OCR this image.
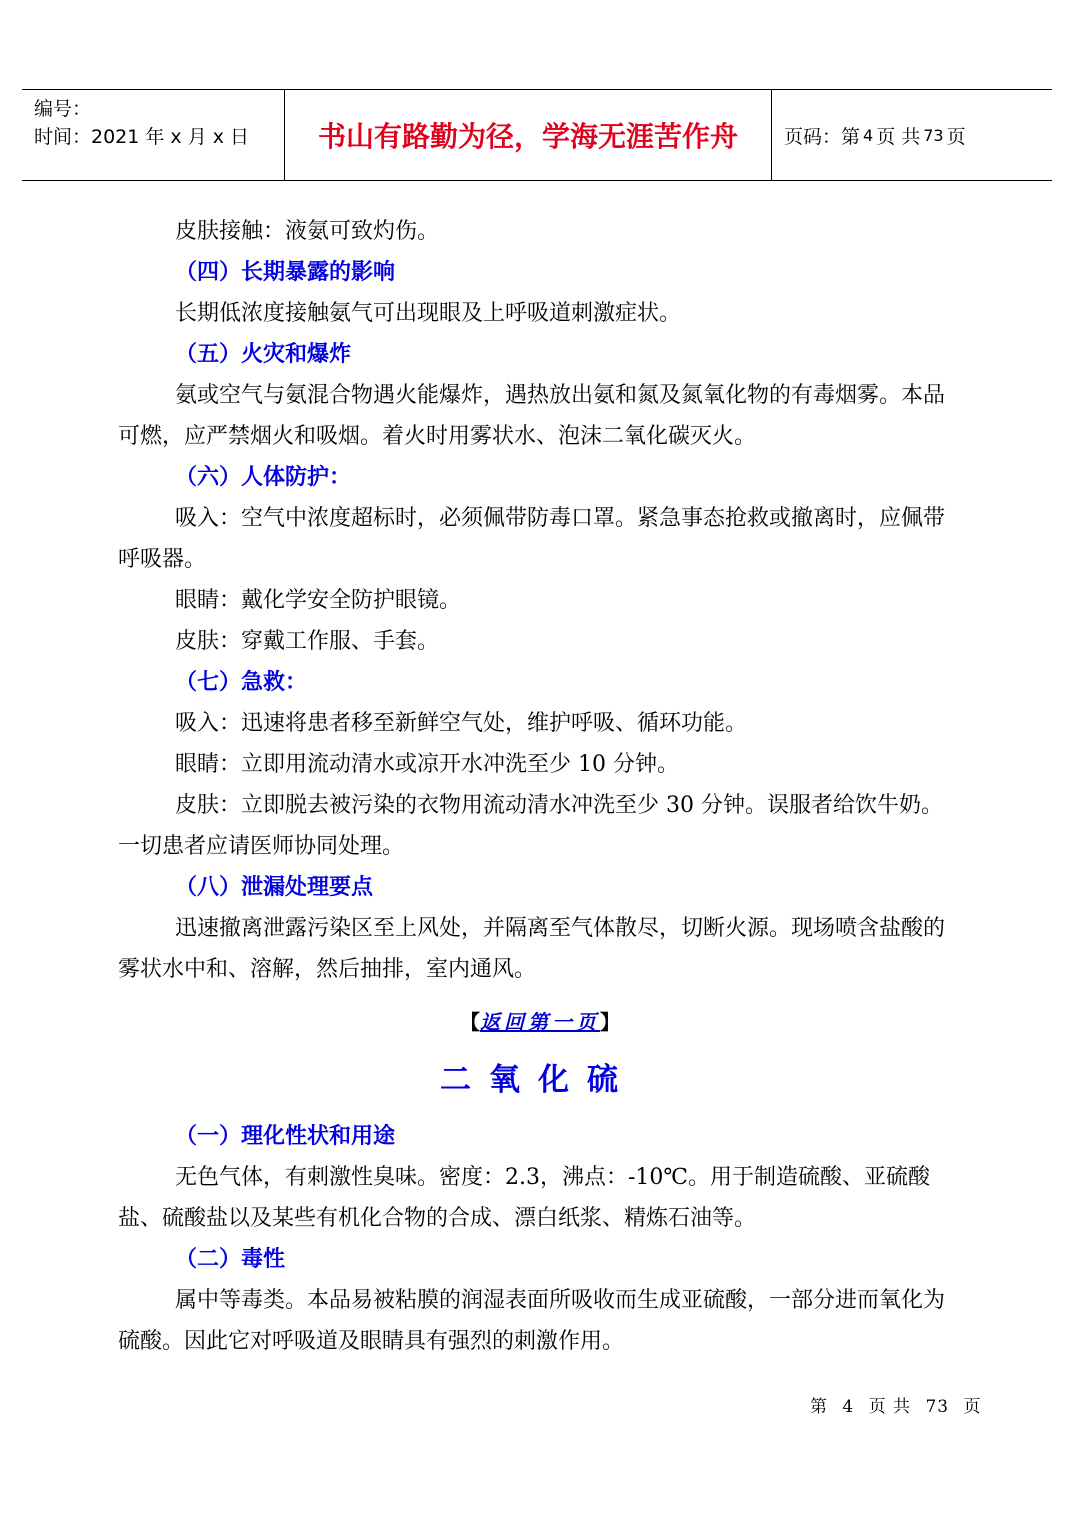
编号：
时间：2021 年 x 月 x 日 书山有路勤为径，学海无涯苦作舟 页码：第 4 页 共 73 页

皮肤接触：液氨可致灼伤。

（四）长期暴露的影响

长期低浓度接触氨气可出现眼及上呼吸道刺激症状。

（五）火灾和爆炸

氨或空气与氨混合物遇火能爆炸，遇热放出氨和氮及氮氧化物的有毒烟雾。本品可燃，应严禁烟火和吸烟。着火时用雾状水、泡沫二氧化碳灭火。

（六）人体防护：

吸入：空气中浓度超标时，必须佩带防毒口罩。紧急事态抢救或撤离时，应佩带呼吸器。

眼睛：戴化学安全防护眼镜。

皮肤：穿戴工作服、手套。

（七）急救：

吸入：迅速将患者移至新鲜空气处，维护呼吸、循环功能。

眼睛：立即用流动清水或凉开水冲洗至少 10 分钟。

皮肤：立即脱去被污染的衣物用流动清水冲洗至少 30 分钟。误服者给饮牛奶。一切患者应请医师协同处理。

（八）泄漏处理要点

迅速撤离泄露污染区至上风处，并隔离至气体散尽，切断火源。现场喷含盐酸的雾状水中和、溶解，然后抽排，室内通风。

【返回第一页】

二氧化硫

（一）理化性状和用途

无色气体，有刺激性臭味。密度：2.3，沸点：-10℃。用于制造硫酸、亚硫酸盐、硫酸盐以及某些有机化合物的合成、漂白纸浆、精炼石油等。

（二）毒性

属中等毒类。本品易被粘膜的润湿表面所吸收而生成亚硫酸，一部分进而氧化为硫酸。因此它对呼吸道及眼睛具有强烈的刺激作用。

第 4 页 共 73 页
